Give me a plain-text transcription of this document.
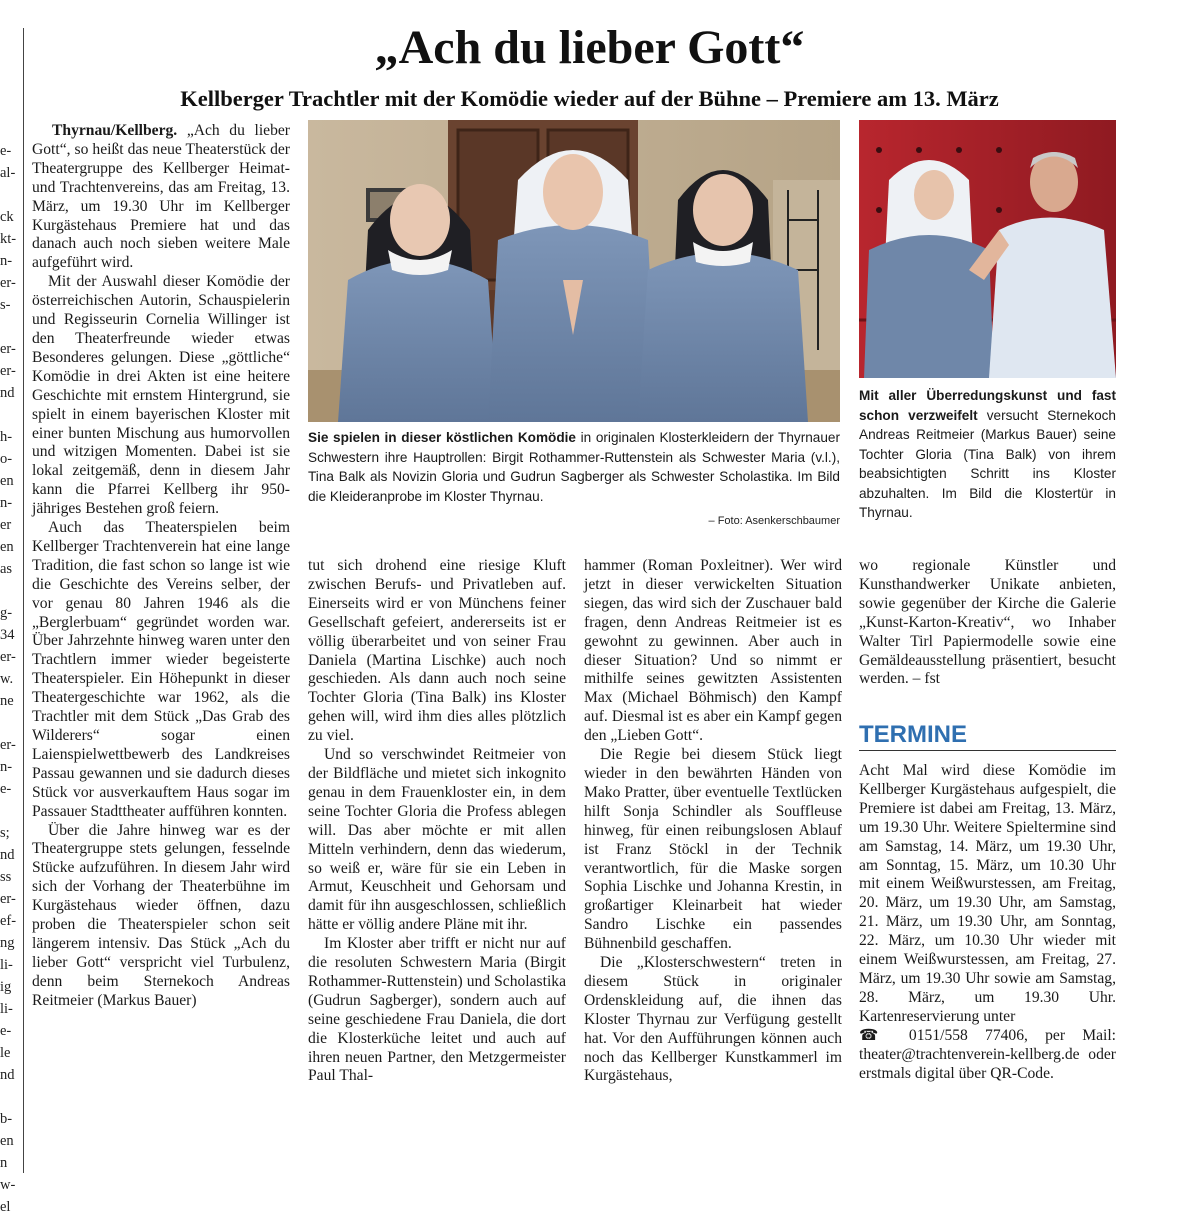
e-
al-
ck
kt-
n-
er-
s-
er-
er-
nd
h-
o-
en
n-
er
en
as
g-
34
er-
w.
ne
er-
n-
e-
s;
nd
ss
er-
ef-
ng
li-
ig
li-
e-
le
nd
b-
en
n
w-
el
„Ach du lieber Gott“
Kellberger Trachtler mit der Komödie wieder auf der Bühne – Premiere am 13. März

Thyrnau/Kellberg. „Ach du lieber Gott“, so heißt das neue Theaterstück der Theatergruppe des Kellberger Heimat- und Trachtenvereins, das am Freitag, 13. März, um 19.30 Uhr im Kellberger Kurgästehaus Premiere hat und das danach auch noch sieben weitere Male aufgeführt wird.

Mit der Auswahl dieser Komödie der österreichischen Autorin, Schauspielerin und Regisseurin Cornelia Willinger ist den Theaterfreunde wieder etwas Besonderes gelungen. Diese „göttliche“ Komödie in drei Akten ist eine heitere Geschichte mit ernstem Hintergrund, sie spielt in einem bayerischen Kloster mit einer bunten Mischung aus humorvollen und witzigen Momenten. Dabei ist sie lokal zeitgemäß, denn in diesem Jahr kann die Pfarrei Kellberg ihr 950-jähriges Bestehen groß feiern.

Auch das Theaterspielen beim Kellberger Trachtenverein hat eine lange Tradition, die fast schon so lange ist wie die Geschichte des Vereins selber, der vor genau 80 Jahren 1946 als die „Berglerbuam“ gegründet worden war. Über Jahrzehnte hinweg waren unter den Trachtlern immer wieder begeisterte Theaterspieler. Ein Höhepunkt in dieser Theatergeschichte war 1962, als die Trachtler mit dem Stück „Das Grab des Wilderers“ sogar einen Laienspielwettbewerb des Landkreises Passau gewannen und sie dadurch dieses Stück vor ausverkauftem Haus sogar im Passauer Stadttheater aufführen konnten.

Über die Jahre hinweg war es der Theatergruppe stets gelungen, fesselnde Stücke aufzuführen. In diesem Jahr wird sich der Vorhang der Theaterbühne im Kurgästehaus wieder öffnen, dazu proben die Theaterspieler schon seit längerem intensiv. Das Stück „Ach du lieber Gott“ verspricht viel Turbulenz, denn beim Sternekoch Andreas Reitmeier (Markus Bauer)

Sie spielen in dieser köstlichen Komödie in originalen Klosterkleidern der Thyrnauer Schwestern ihre Hauptrollen: Birgit Rothammer-Ruttenstein als Schwester Maria (v.l.), Tina Balk als Novizin Gloria und Gudrun Sagberger als Schwester Scholastika. Im Bild die Kleideranprobe im Kloster Thyrnau.
– Foto: Asenkerschbaumer
Mit aller Überredungskunst und fast schon verzweifelt versucht Sternekoch Andreas Reitmeier (Markus Bauer) seine Tochter Gloria (Tina Balk) von ihrem beabsichtigten Schritt ins Kloster abzuhalten. Im Bild die Klostertür in Thyrnau.

tut sich drohend eine riesige Kluft zwischen Berufs- und Privatleben auf. Einerseits wird er von Münchens feiner Gesellschaft gefeiert, andererseits ist er völlig überarbeitet und von seiner Frau Daniela (Martina Lischke) auch noch geschieden. Als dann auch noch seine Tochter Gloria (Tina Balk) ins Kloster gehen will, wird ihm dies alles plötzlich zu viel.

Und so verschwindet Reitmeier von der Bildfläche und mietet sich inkognito genau in dem Frauenkloster ein, in dem seine Tochter Gloria die Profess ablegen will. Das aber möchte er mit allen Mitteln verhindern, denn das wiederum, so weiß er, wäre für sie ein Leben in Armut, Keuschheit und Gehorsam und damit für ihn ausgeschlossen, schließlich hätte er völlig andere Pläne mit ihr.

Im Kloster aber trifft er nicht nur auf die resoluten Schwestern Maria (Birgit Rothammer-Ruttenstein) und Scholastika (Gudrun Sagberger), sondern auch auf seine geschiedene Frau Daniela, die dort die Klosterküche leitet und auch auf ihren neuen Partner, den Metzgermeister Paul Thal-

hammer (Roman Poxleitner). Wer wird jetzt in dieser verwickelten Situation siegen, das wird sich der Zuschauer bald fragen, denn Andreas Reitmeier ist es gewohnt zu gewinnen. Aber auch in dieser Situation? Und so nimmt er mithilfe seines gewitzten Assistenten Max (Michael Böhmisch) den Kampf auf. Diesmal ist es aber ein Kampf gegen den „Lieben Gott“.

Die Regie bei diesem Stück liegt wieder in den bewährten Händen von Mako Pratter, über eventuelle Textlücken hilft Sonja Schindler als Souffleuse hinweg, für einen reibungslosen Ablauf ist Franz Stöckl in der Technik verantwortlich, für die Maske sorgen Sophia Lischke und Johanna Krestin, in großartiger Kleinarbeit hat wieder Sandro Lischke ein passendes Bühnenbild geschaffen.

Die „Klosterschwestern“ treten in diesem Stück in originaler Ordenskleidung auf, die ihnen das Kloster Thyrnau zur Verfügung gestellt hat. Vor den Aufführungen können auch noch das Kellberger Kunstkammerl im Kurgästehaus,

wo regionale Künstler und Kunsthandwerker Unikate anbieten, sowie gegenüber der Kirche die Galerie „Kunst-Karton-Kreativ“, wo Inhaber Walter Tirl Papiermodelle sowie eine Gemäldeausstellung präsentiert, besucht werden. – fst

TERMINE

Acht Mal wird diese Komödie im Kellberger Kurgästehaus aufgespielt, die Premiere ist dabei am Freitag, 13. März, um 19.30 Uhr. Weitere Spieltermine sind am Samstag, 14. März, um 19.30 Uhr, am Sonntag, 15. März, um 10.30 Uhr mit einem Weißwurstessen, am Freitag, 20. März, um 19.30 Uhr, am Samstag, 21. März, um 19.30 Uhr, am Sonntag, 22. März, um 10.30 Uhr wieder mit einem Weißwurstessen, am Freitag, 27. März, um 19.30 Uhr sowie am Samstag, 28. März, um 19.30 Uhr. Kartenreservierung unter

☎ 0151/558 77406, per Mail: theater@trachtenverein-kellberg.de oder erstmals digital über QR-Code.
